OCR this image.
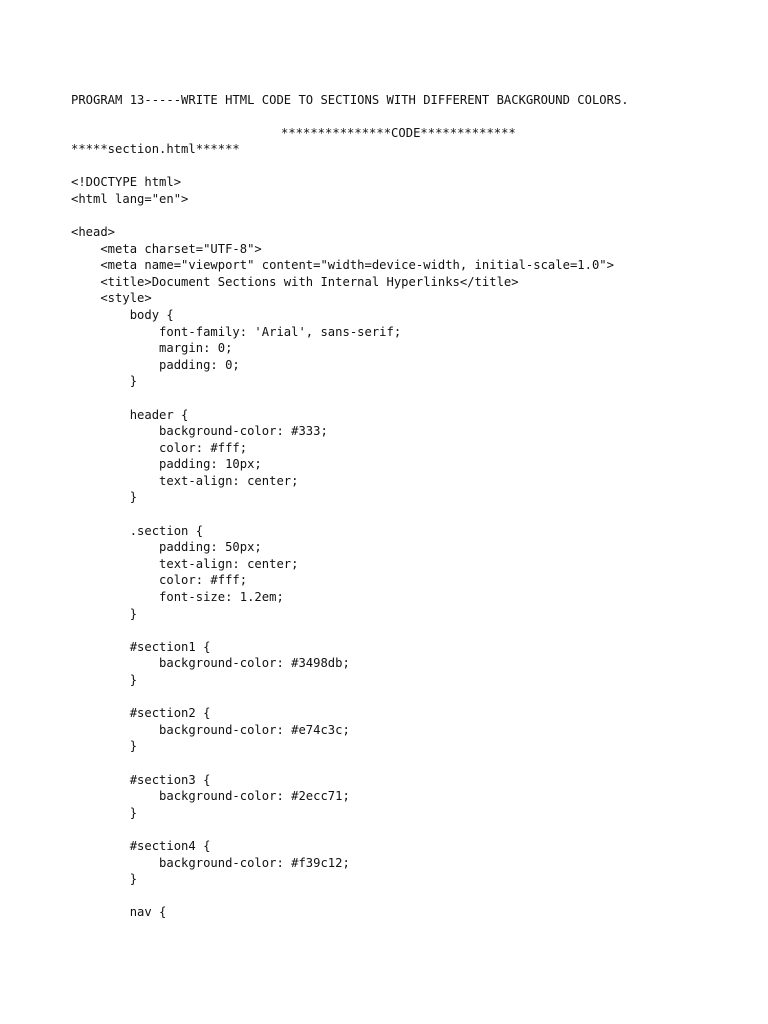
PROGRAM 13-----WRITE HTML CODE TO SECTIONS WITH DIFFERENT BACKGROUND COLORS.
***************CODE*************
*****section.html******
<!DOCTYPE html>
<html lang="en">
<head>
<meta charset="UTF-8">
<meta name="viewport" content="width=device-width, initial-scale=1.0">
<title>Document Sections with Internal Hyperlinks</title>
<style>
body {
font-family: 'Arial', sans-serif;
margin: 0;
padding: 0;
}
header {
background-color: #333;
color: #fff;
padding: 10px;
text-align: center;
}
.section {
padding: 50px;
text-align: center;
color: #fff;
font-size: 1.2em;
}
#section1 {
background-color: #3498db;
}
#section2 {
background-color: #e74c3c;
}
#section3 {
background-color: #2ecc71;
}
#section4 {
background-color: #f39c12;
}
nav {
